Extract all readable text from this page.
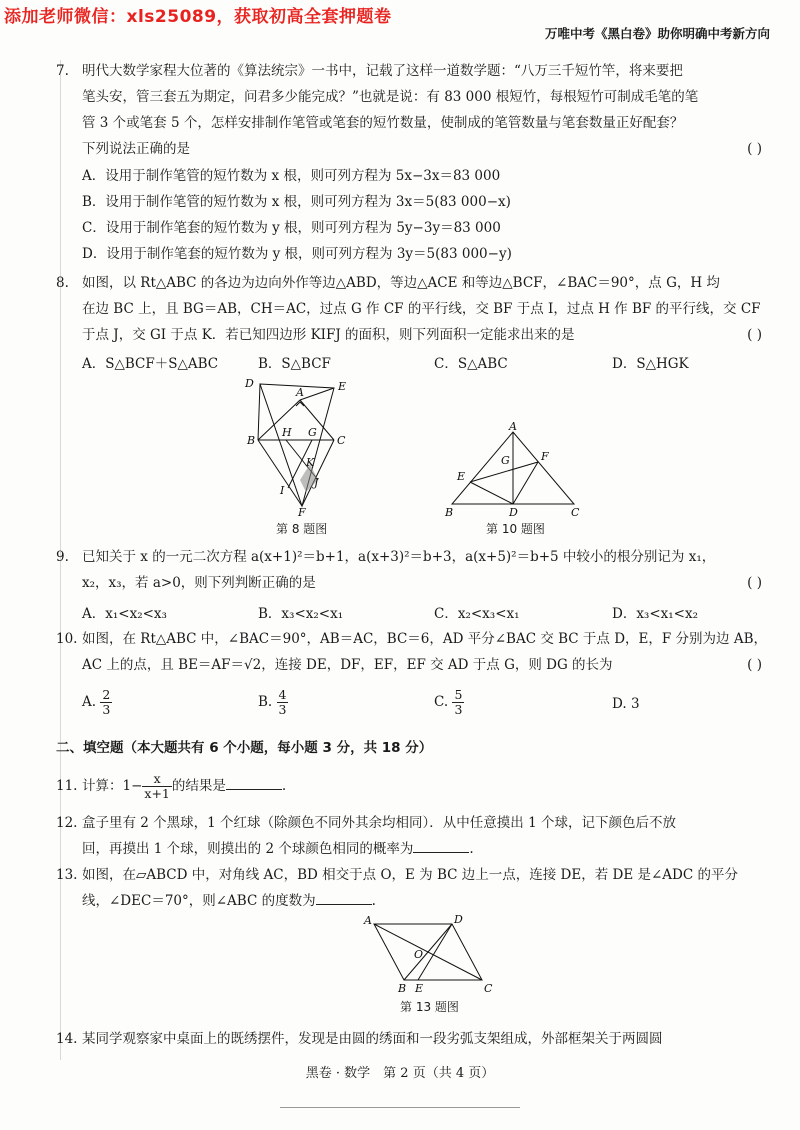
添加老师微信：xls25089，获取初高全套押题卷
万唯中考《黑白卷》助你明确中考新方向
7. 明代大数学家程大位著的《算法统宗》一书中，记载了这样一道数学题：“八万三千短竹竿，将来要把
笔头安，管三套五为期定，问君多少能完成？”也就是说：有 83 000 根短竹，每根短竹可制成毛笔的笔
管 3 个或笔套 5 个，怎样安排制作笔管或笔套的短竹数量，使制成的笔管数量与笔套数量正好配套？
下列说法正确的是	( )
A．设用于制作笔管的短竹数为 x 根，则可列方程为 5x−3x＝83 000
B．设用于制作笔管的短竹数为 x 根，则可列方程为 3x＝5(83 000−x)
C．设用于制作笔套的短竹数为 y 根，则可列方程为 5y−3y＝83 000
D．设用于制作笔套的短竹数为 y 根，则可列方程为 3y＝5(83 000−y)
8. 如图，以 Rt△ABC 的各边为边向外作等边△ABD，等边△ACE 和等边△BCF，∠BAC＝90°，点 G，H 均
在边 BC 上，且 BG＝AB，CH＝AC，过点 G 作 CF 的平行线，交 BF 于点 I，过点 H 作 BF 的平行线，交 CF
于点 J，交 GI 于点 K．若已知四边形 KIFJ 的面积，则下列面积一定能求出来的是	( )
A．S△BCF＋S△ABC	B．S△BCF	C．S△ABC	D．S△HGK
D	E
A
B
H G
C
K
I
J
F
第 8 题图
A
G	F
E
B	D	C
第 10 题图
9. 已知关于 x 的一元二次方程 a(x+1)²＝b+1，a(x+3)²＝b+3，a(x+5)²＝b+5 中较小的根分别记为 x₁，
x₂，x₃，若 a>0，则下列判断正确的是	( )
A．x₁<x₂<x₃	B．x₃<x₂<x₁	C．x₂<x₃<x₁	D．x₃<x₁<x₂
10. 如图，在 Rt△ABC 中，∠BAC＝90°，AB＝AC，BC＝6，AD 平分∠BAC 交 BC 于点 D，E，F 分别为边 AB，
AC 上的点，且 BE＝AF＝√2，连接 DE，DF，EF，EF 交 AD 于点 G，则 DG 的长为	( )
A. $\frac{2}{3}$	B. $\frac{4}{3}$	C. $\frac{5}{3}$	D. 3
二、填空题（本大题共有 6 个小题，每小题 3 分，共 18 分）
11. 计算：$1- \frac{x}{x+1}$ 的结果是	.
12. 盒子里有 2 个黑球，1 个红球（除颜色不同外其余均相同）．从中任意摸出 1 个球，记下颜色后不放
回，再摸出 1 个球，则摸出的 2 个球颜色相同的概率为	.
13. 如图，在▱ABCD 中，对角线 AC，BD 相交于点 O，E 为 BC 边上一点，连接 DE，若 DE 是∠ADC 的平分
线，∠DEC＝70°，则∠ABC 的度数为	.
A	D
O
B E	C
第 13 题图
14. 某同学观察家中桌面上的既绣摆件，发现是由圆的绣面和一段劣弧支架组成，外部框架关于两圆圆
黑卷 · 数学　第 2 页（共 4 页）
